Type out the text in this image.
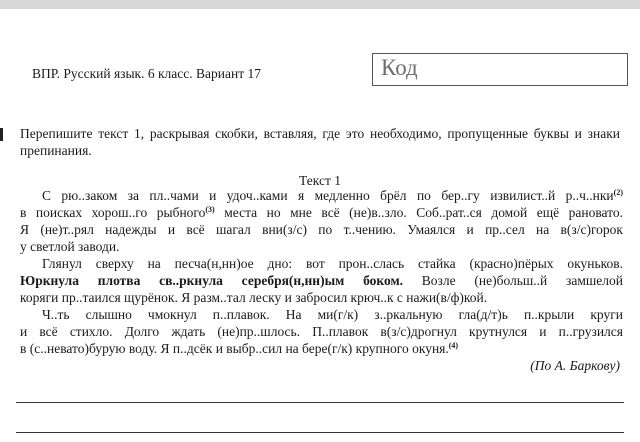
ВПР. Русский язык. 6 класс. Вариант 17	Код
Перепишите текст 1, раскрывая скобки, вставляя, где это необходимо, пропущенные буквы и знаки препинания.
Текст 1
С рю..заком за пл..чами и удоч..ками я медленно брёл по бер..гу извилист..й р..ч..нки$^{(2)}$
в поисках хорош..го рыбного$^{(3)}$ места но мне всё (не)в..зло. Соб..рат..ся домой ещё рановато.
Я (не)т..рял надежды и всё шагал вни(з/с) по т..чению. Умаялся и пр..сел на в(з/с)горок
у светлой заводи.
Глянул сверху на песча(н,нн)ое дно: вот прон..слась стайка (красно)пёрых окуньков.
Юркнула плотва св..ркнула серебря(н,нн)ым боком. Возле (не)больш..й замшелой
коряги пр..таился щурёнок. Я разм..тал леску и забросил крюч..к с нажи(в/ф)кой.
Ч..ть слышно чмокнул п..плавок. На ми(г/к) з..ркальную гла(д/т)ь п..крыли круги
и всё стихло. Долго ждать (не)пр..шлось. П..плавок в(з/с)дрогнул крутнулся и п..грузился
в (с..невато)бурую воду. Я п..дсёк и выбр..сил на бере(г/к) крупного окуня.$^{(4)}$
(По А. Баркову)
